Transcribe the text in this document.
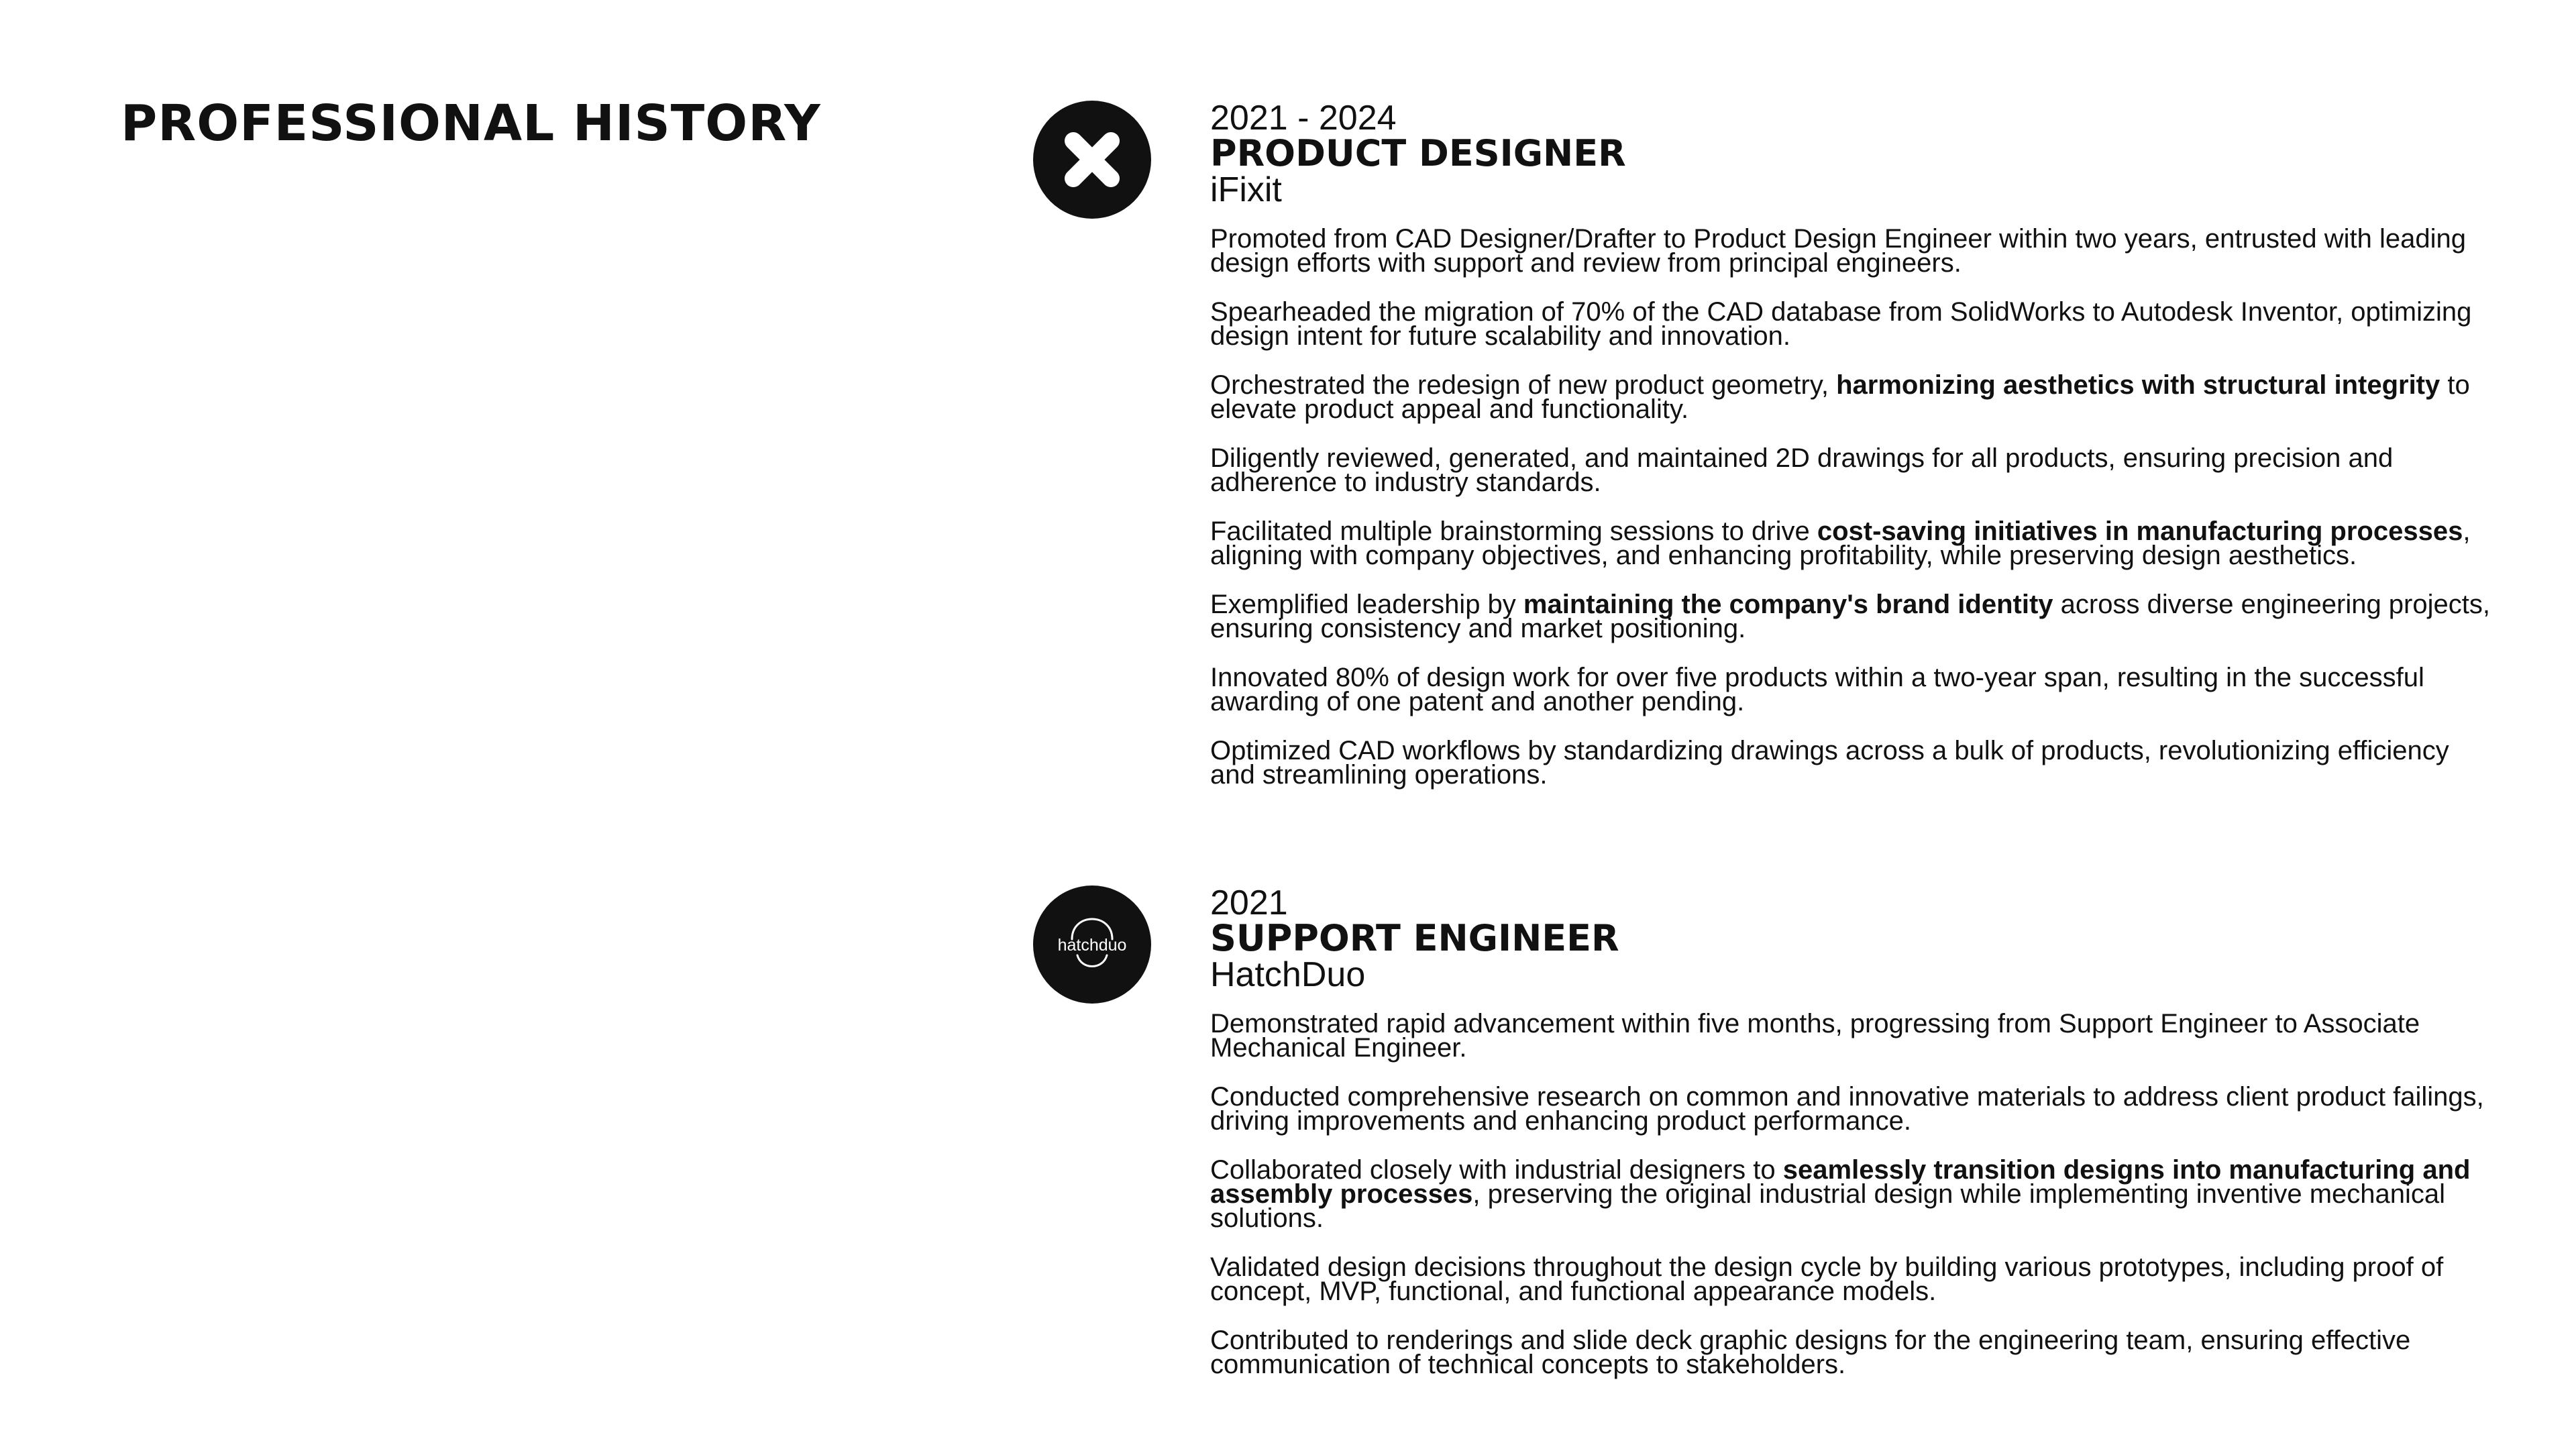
PROFESSIONAL HISTORY	2021 - 2024
PRODUCT DESIGNER
iFixit

Promoted from CAD Designer/Drafter to Product Design Engineer within two years, entrusted with leading design efforts with support and review from principal engineers.

Spearheaded the migration of 70% of the CAD database from SolidWorks to Autodesk Inventor, optimizing design intent for future scalability and innovation.

Orchestrated the redesign of new product geometry, harmonizing aesthetics with structural integrity to elevate product appeal and functionality.

Diligently reviewed, generated, and maintained 2D drawings for all products, ensuring precision and adherence to industry standards.

Facilitated multiple brainstorming sessions to drive cost-saving initiatives in manufacturing processes, aligning with company objectives, and enhancing profitability, while preserving design aesthetics.

Exemplified leadership by maintaining the company's brand identity across diverse engineering projects, ensuring consistency and market positioning.

Innovated 80% of design work for over five products within a two-year span, resulting in the successful awarding of one patent and another pending.

Optimized CAD workflows by standardizing drawings across a bulk of products, revolutionizing efficiency and streamlining operations.

hatchduo
2021
SUPPORT ENGINEER
HatchDuo

Demonstrated rapid advancement within five months, progressing from Support Engineer to Associate Mechanical Engineer.

Conducted comprehensive research on common and innovative materials to address client product failings, driving improvements and enhancing product performance.

Collaborated closely with industrial designers to seamlessly transition designs into manufacturing and assembly processes, preserving the original industrial design while implementing inventive mechanical solutions.

Validated design decisions throughout the design cycle by building various prototypes, including proof of concept, MVP, functional, and functional appearance models.

Contributed to renderings and slide deck graphic designs for the engineering team, ensuring effective communication of technical concepts to stakeholders.
